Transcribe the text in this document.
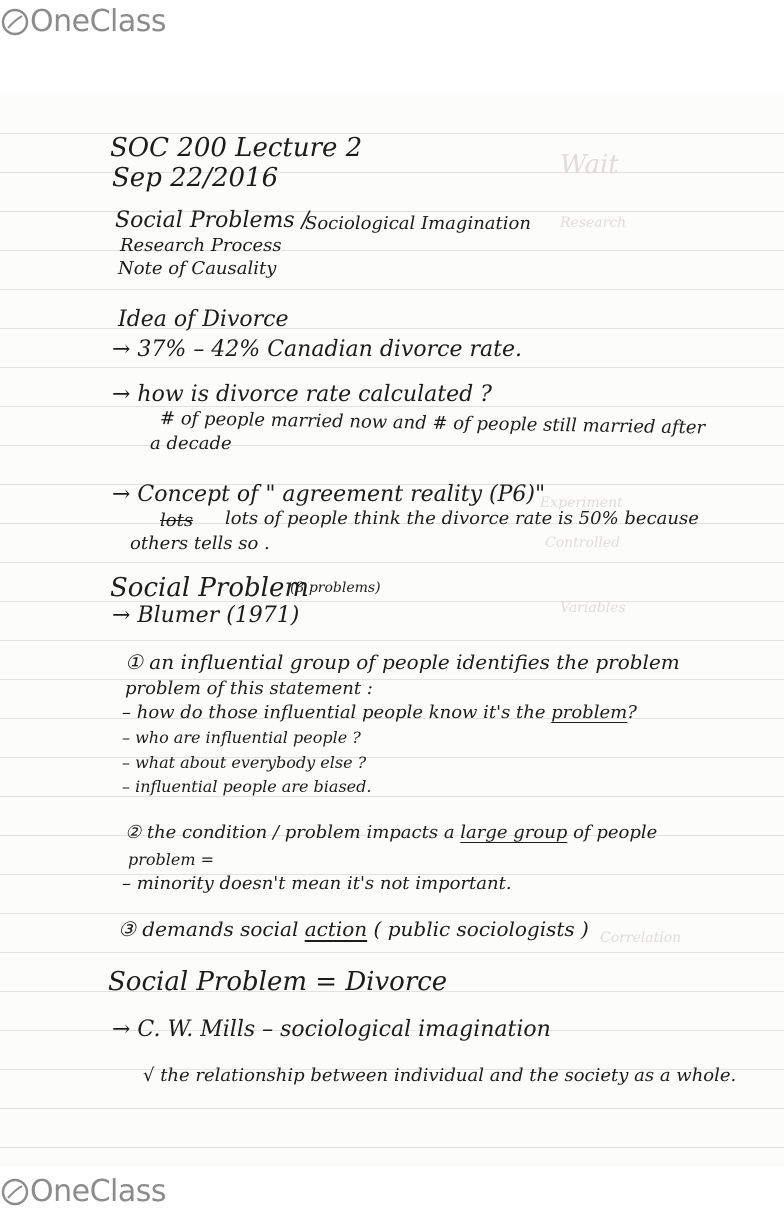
OneClass
Wait
Research
Experiment
Controlled
Variables
Correlation
SOC 200 Lecture 2
Sep 22/2016
Social Problems /
Sociological Imagination
Research Process
Note of Causality
Idea of Divorce
→ 37% – 42% Canadian divorce rate.
→ how is divorce rate calculated ?
# of people married now and # of people still married after
a decade
→ Concept of " agreement reality (P6)"
lots lots of people think the divorce rate is 50% because
others tells so .
Social Problem
(3 problems)
→ Blumer (1971)
① an influential group of people identifies the problem
problem of this statement :
– how do those influential people know it's the problem?
– who are influential people ?
– what about everybody else ?
– influential people are biased.
② the condition / problem impacts a large group of people
problem =
– minority doesn't mean it's not important.
③ demands social action ( public sociologists )
Social Problem = Divorce
→ C. W. Mills – sociological imagination
√ the relationship between individual and the society as a whole.
OneClass
